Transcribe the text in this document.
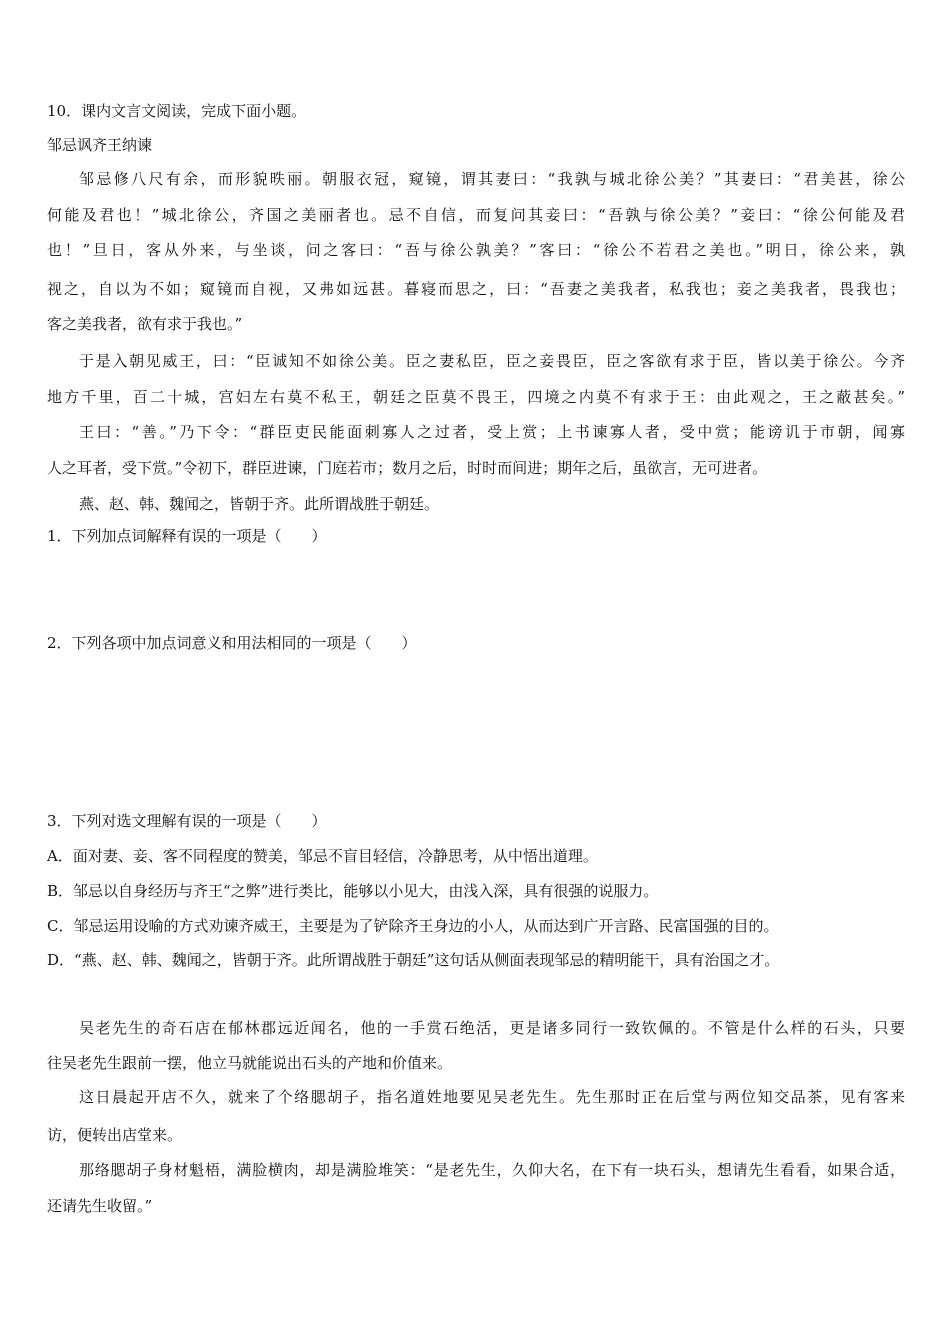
10．课内文言文阅读，完成下面小题。
邹忌讽齐王纳谏
邹忌修八尺有余，而形貌昳丽。朝服衣冠，窥镜，谓其妻曰：“我孰与城北徐公美？”其妻曰：“君美甚，徐公
何能及君也！”城北徐公，齐国之美丽者也。忌不自信，而复问其妾曰：“吾孰与徐公美？”妾曰：“徐公何能及君
也！”旦日，客从外来，与坐谈，问之客曰：“吾与徐公孰美？”客曰：“徐公不若君之美也。”明日，徐公来，孰
视之，自以为不如；窥镜而自视，又弗如远甚。暮寝而思之，曰：“吾妻之美我者，私我也；妾之美我者，畏我也；
客之美我者，欲有求于我也。”
于是入朝见威王，曰：“臣诚知不如徐公美。臣之妻私臣，臣之妾畏臣，臣之客欲有求于臣，皆以美于徐公。今齐
地方千里，百二十城，宫妇左右莫不私王，朝廷之臣莫不畏王，四境之内莫不有求于王：由此观之，王之蔽甚矣。”
王曰：“善。”乃下令：“群臣吏民能面刺寡人之过者，受上赏；上书谏寡人者，受中赏；能谤讥于市朝，闻寡
人之耳者，受下赏。”令初下，群臣进谏，门庭若市；数月之后，时时而间进；期年之后，虽欲言，无可进者。
燕、赵、韩、魏闻之，皆朝于齐。此所谓战胜于朝廷。
1．下列加点词解释有误的一项是（　　）
2．下列各项中加点词意义和用法相同的一项是（　　）
3．下列对选文理解有误的一项是（　　）
A．面对妻、妾、客不同程度的赞美，邹忌不盲目轻信，冷静思考，从中悟出道理。
B．邹忌以自身经历与齐王“之弊”进行类比，能够以小见大，由浅入深，具有很强的说服力。
C．邹忌运用设喻的方式劝谏齐威王，主要是为了铲除齐王身边的小人，从而达到广开言路、民富国强的目的。
D．“燕、赵、韩、魏闻之，皆朝于齐。此所谓战胜于朝廷”这句话从侧面表现邹忌的精明能干，具有治国之才。
吴老先生的奇石店在郁林郡远近闻名，他的一手赏石绝活，更是诸多同行一致钦佩的。不管是什么样的石头，只要
往吴老先生跟前一摆，他立马就能说出石头的产地和价值来。
这日晨起开店不久，就来了个络腮胡子，指名道姓地要见吴老先生。先生那时正在后堂与两位知交品茶，见有客来
访，便转出店堂来。
那络腮胡子身材魁梧，满脸横肉，却是满脸堆笑：“是老先生，久仰大名，在下有一块石头，想请先生看看，如果合适，
还请先生收留。”
